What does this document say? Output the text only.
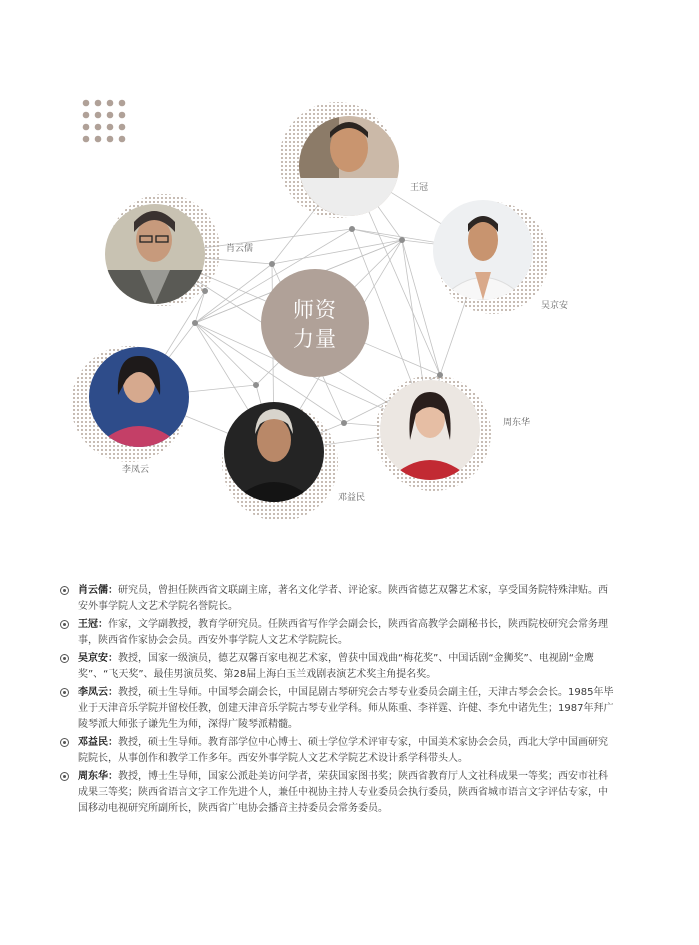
师资
力量
王冠
肖云儒
吴京安
李凤云
邓益民
周东华
肖云儒：研究员，曾担任陕西省文联副主席，著名文化学者、评论家。陕西省德艺双馨艺术家，享受国务院特殊津贴。西安外事学院人文艺术学院名誉院长。
王冠：作家，文学副教授，教育学研究员。任陕西省写作学会副会长，陕西省高教学会副秘书长，陕西院校研究会常务理事，陕西省作家协会会员。西安外事学院人文艺术学院院长。
吴京安：教授，国家一级演员，德艺双馨百家电视艺术家，曾获中国戏曲“梅花奖”、中国话剧“金狮奖”、电视剧“金鹰奖”、“飞天奖”、最佳男演员奖、第28届上海白玉兰戏剧表演艺术奖主角提名奖。
李凤云：教授，硕士生导师。中国琴会副会长，中国昆剧古琴研究会古琴专业委员会副主任，天津古琴会会长。1985年毕业于天津音乐学院并留校任教，创建天津音乐学院古琴专业学科。师从陈重、李祥霆、许健、李允中诸先生；1987年拜广陵琴派大师张子谦先生为师，深得广陵琴派精髓。
邓益民：教授，硕士生导师。教育部学位中心博士、硕士学位学术评审专家，中国美术家协会会员，西北大学中国画研究院院长，从事创作和教学工作多年。西安外事学院人文艺术学院艺术设计系学科带头人。
周东华：教授，博士生导师，国家公派赴美访问学者，荣获国家图书奖；陕西省教育厅人文社科成果一等奖；西安市社科成果三等奖；陕西省语言文字工作先进个人，兼任中视协主持人专业委员会执行委员，陕西省城市语言文字评估专家，中国移动电视研究所副所长，陕西省广电协会播音主持委员会常务委员。
